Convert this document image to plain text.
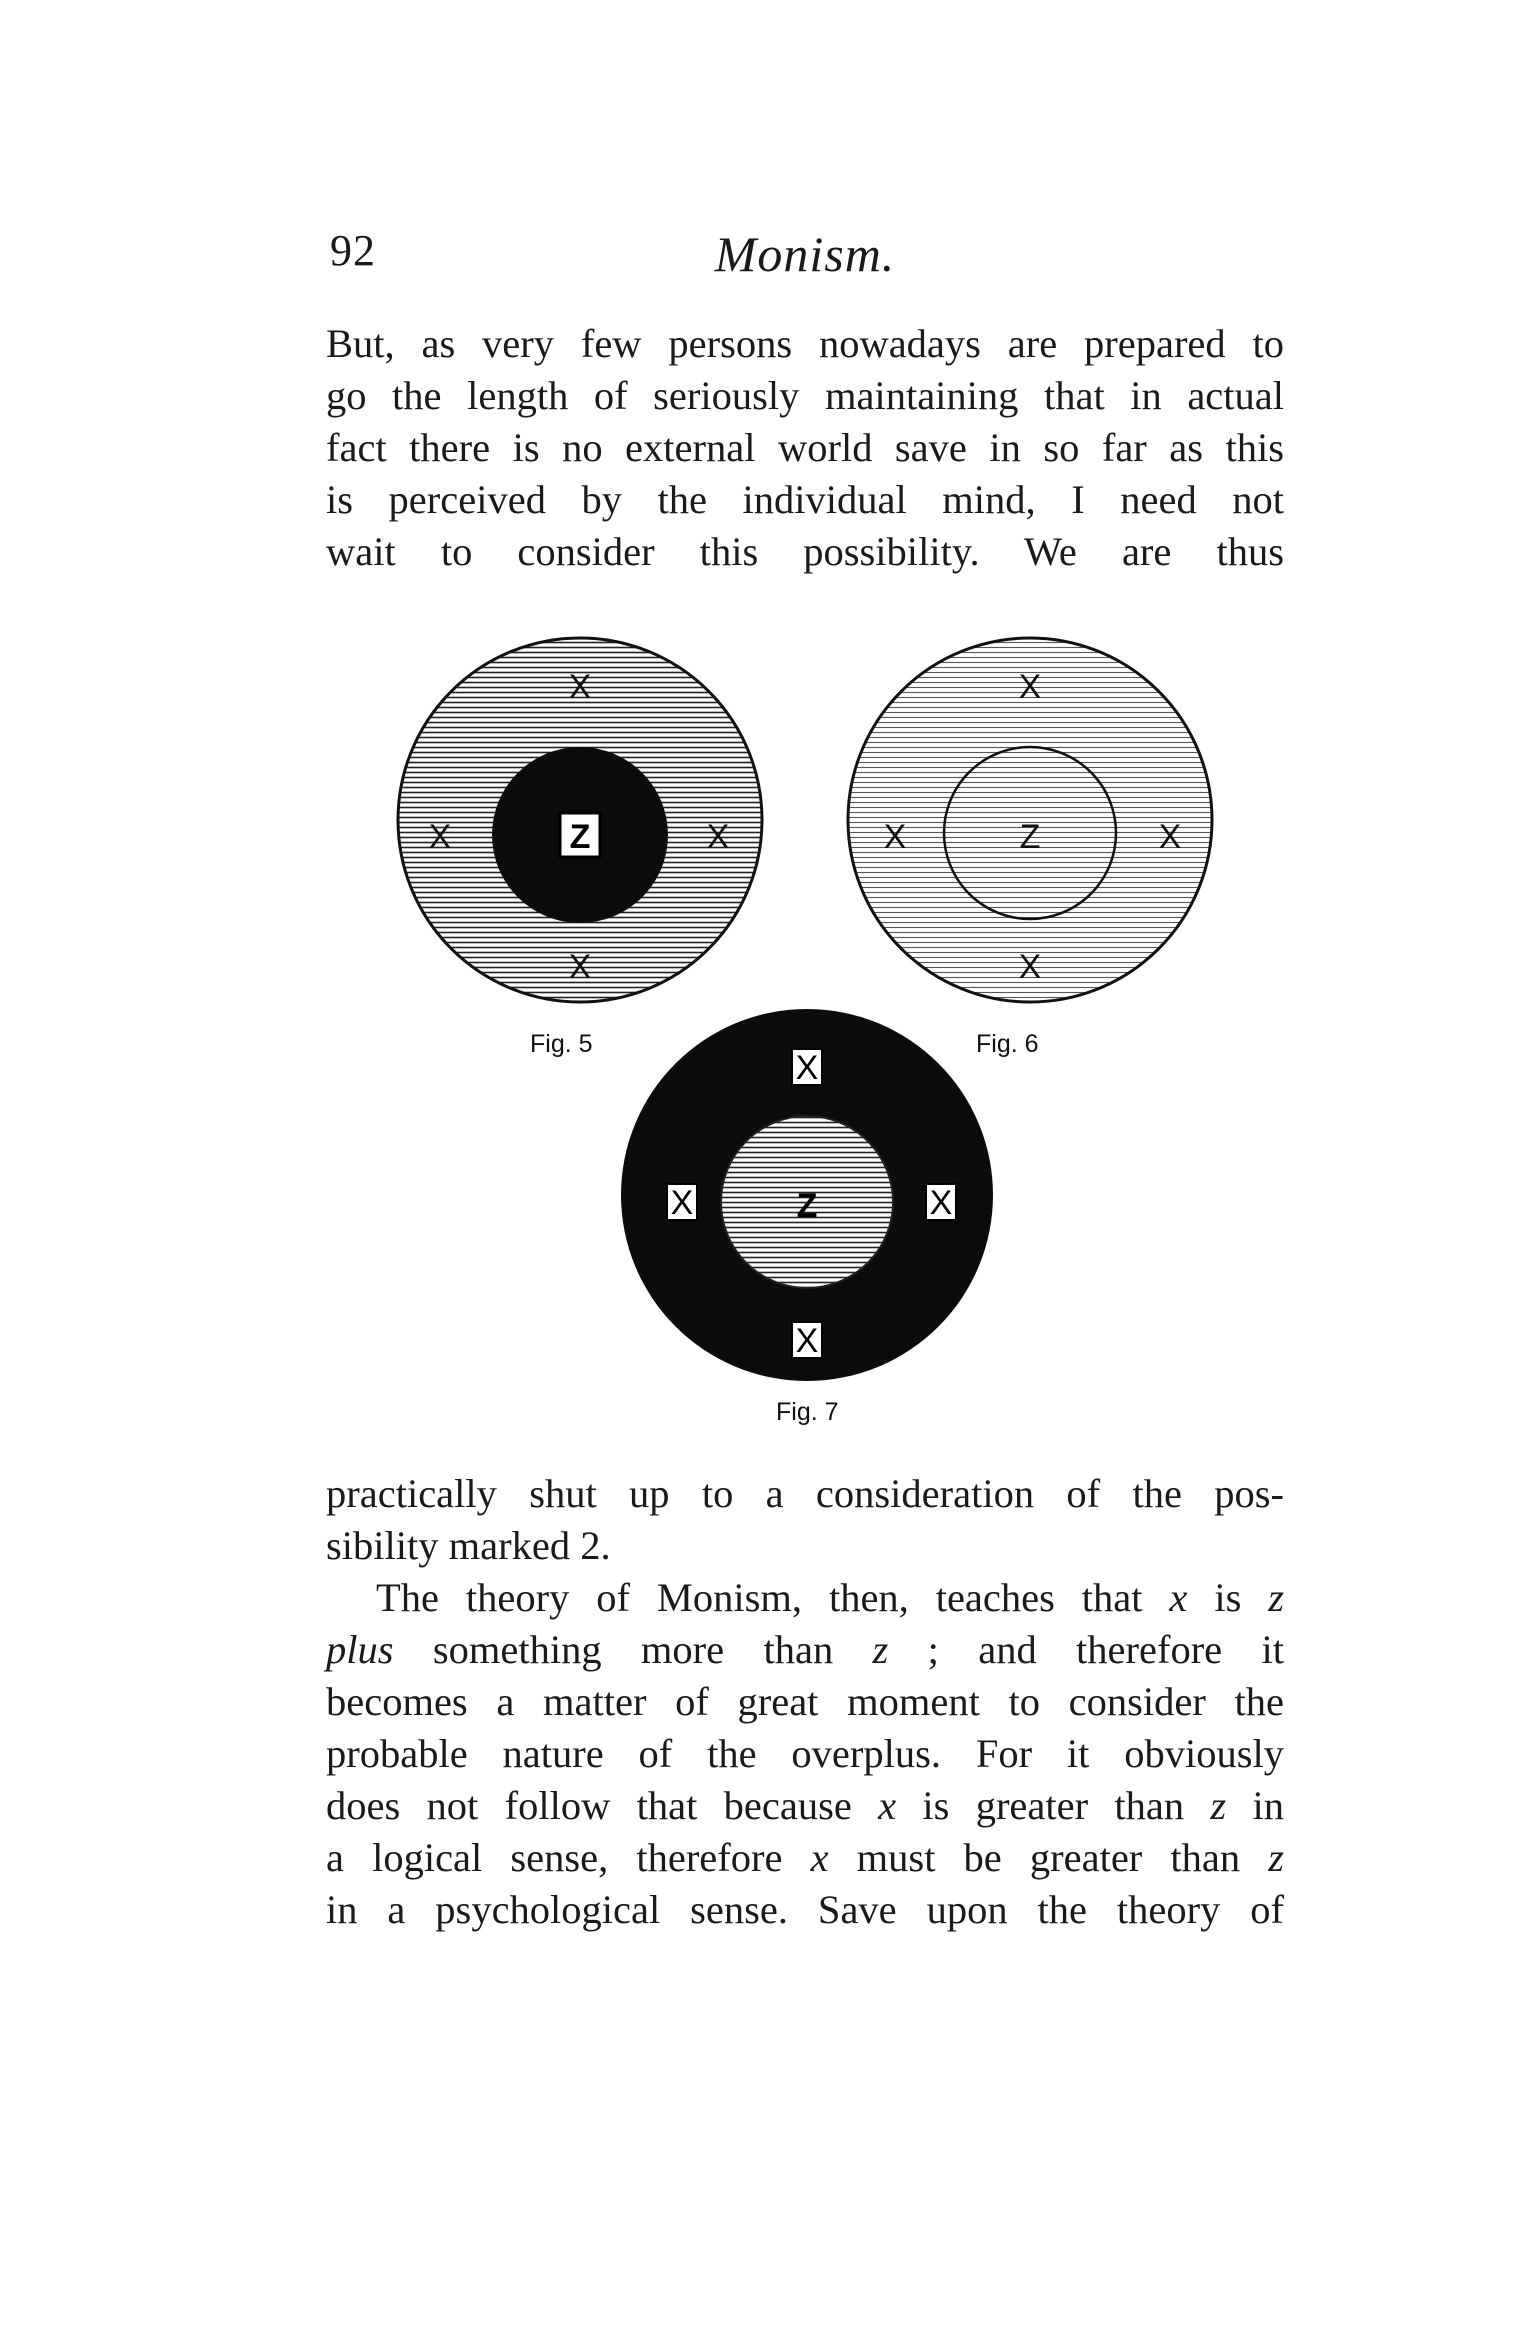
92	Monism.
But, as very few persons nowadays are prepared to
go the length of seriously maintaining that in actual
fact there is no external world save in so far as this
is perceived by the individual mind, I need not
wait to consider this possibility. We are thus
Z
X
X	X
X
Fig. 5
Z
X
X	X
X
Fig. 6
Z
X
X	X
X
Fig. 7
practically shut up to a consideration of the pos-
sibility marked 2.
The theory of Monism, then, teaches that x is z
plus something more than z ; and therefore it
becomes a matter of great moment to consider the
probable nature of the overplus. For it obviously
does not follow that because x is greater than z in
a logical sense, therefore x must be greater than z
in a psychological sense. Save upon the theory of
